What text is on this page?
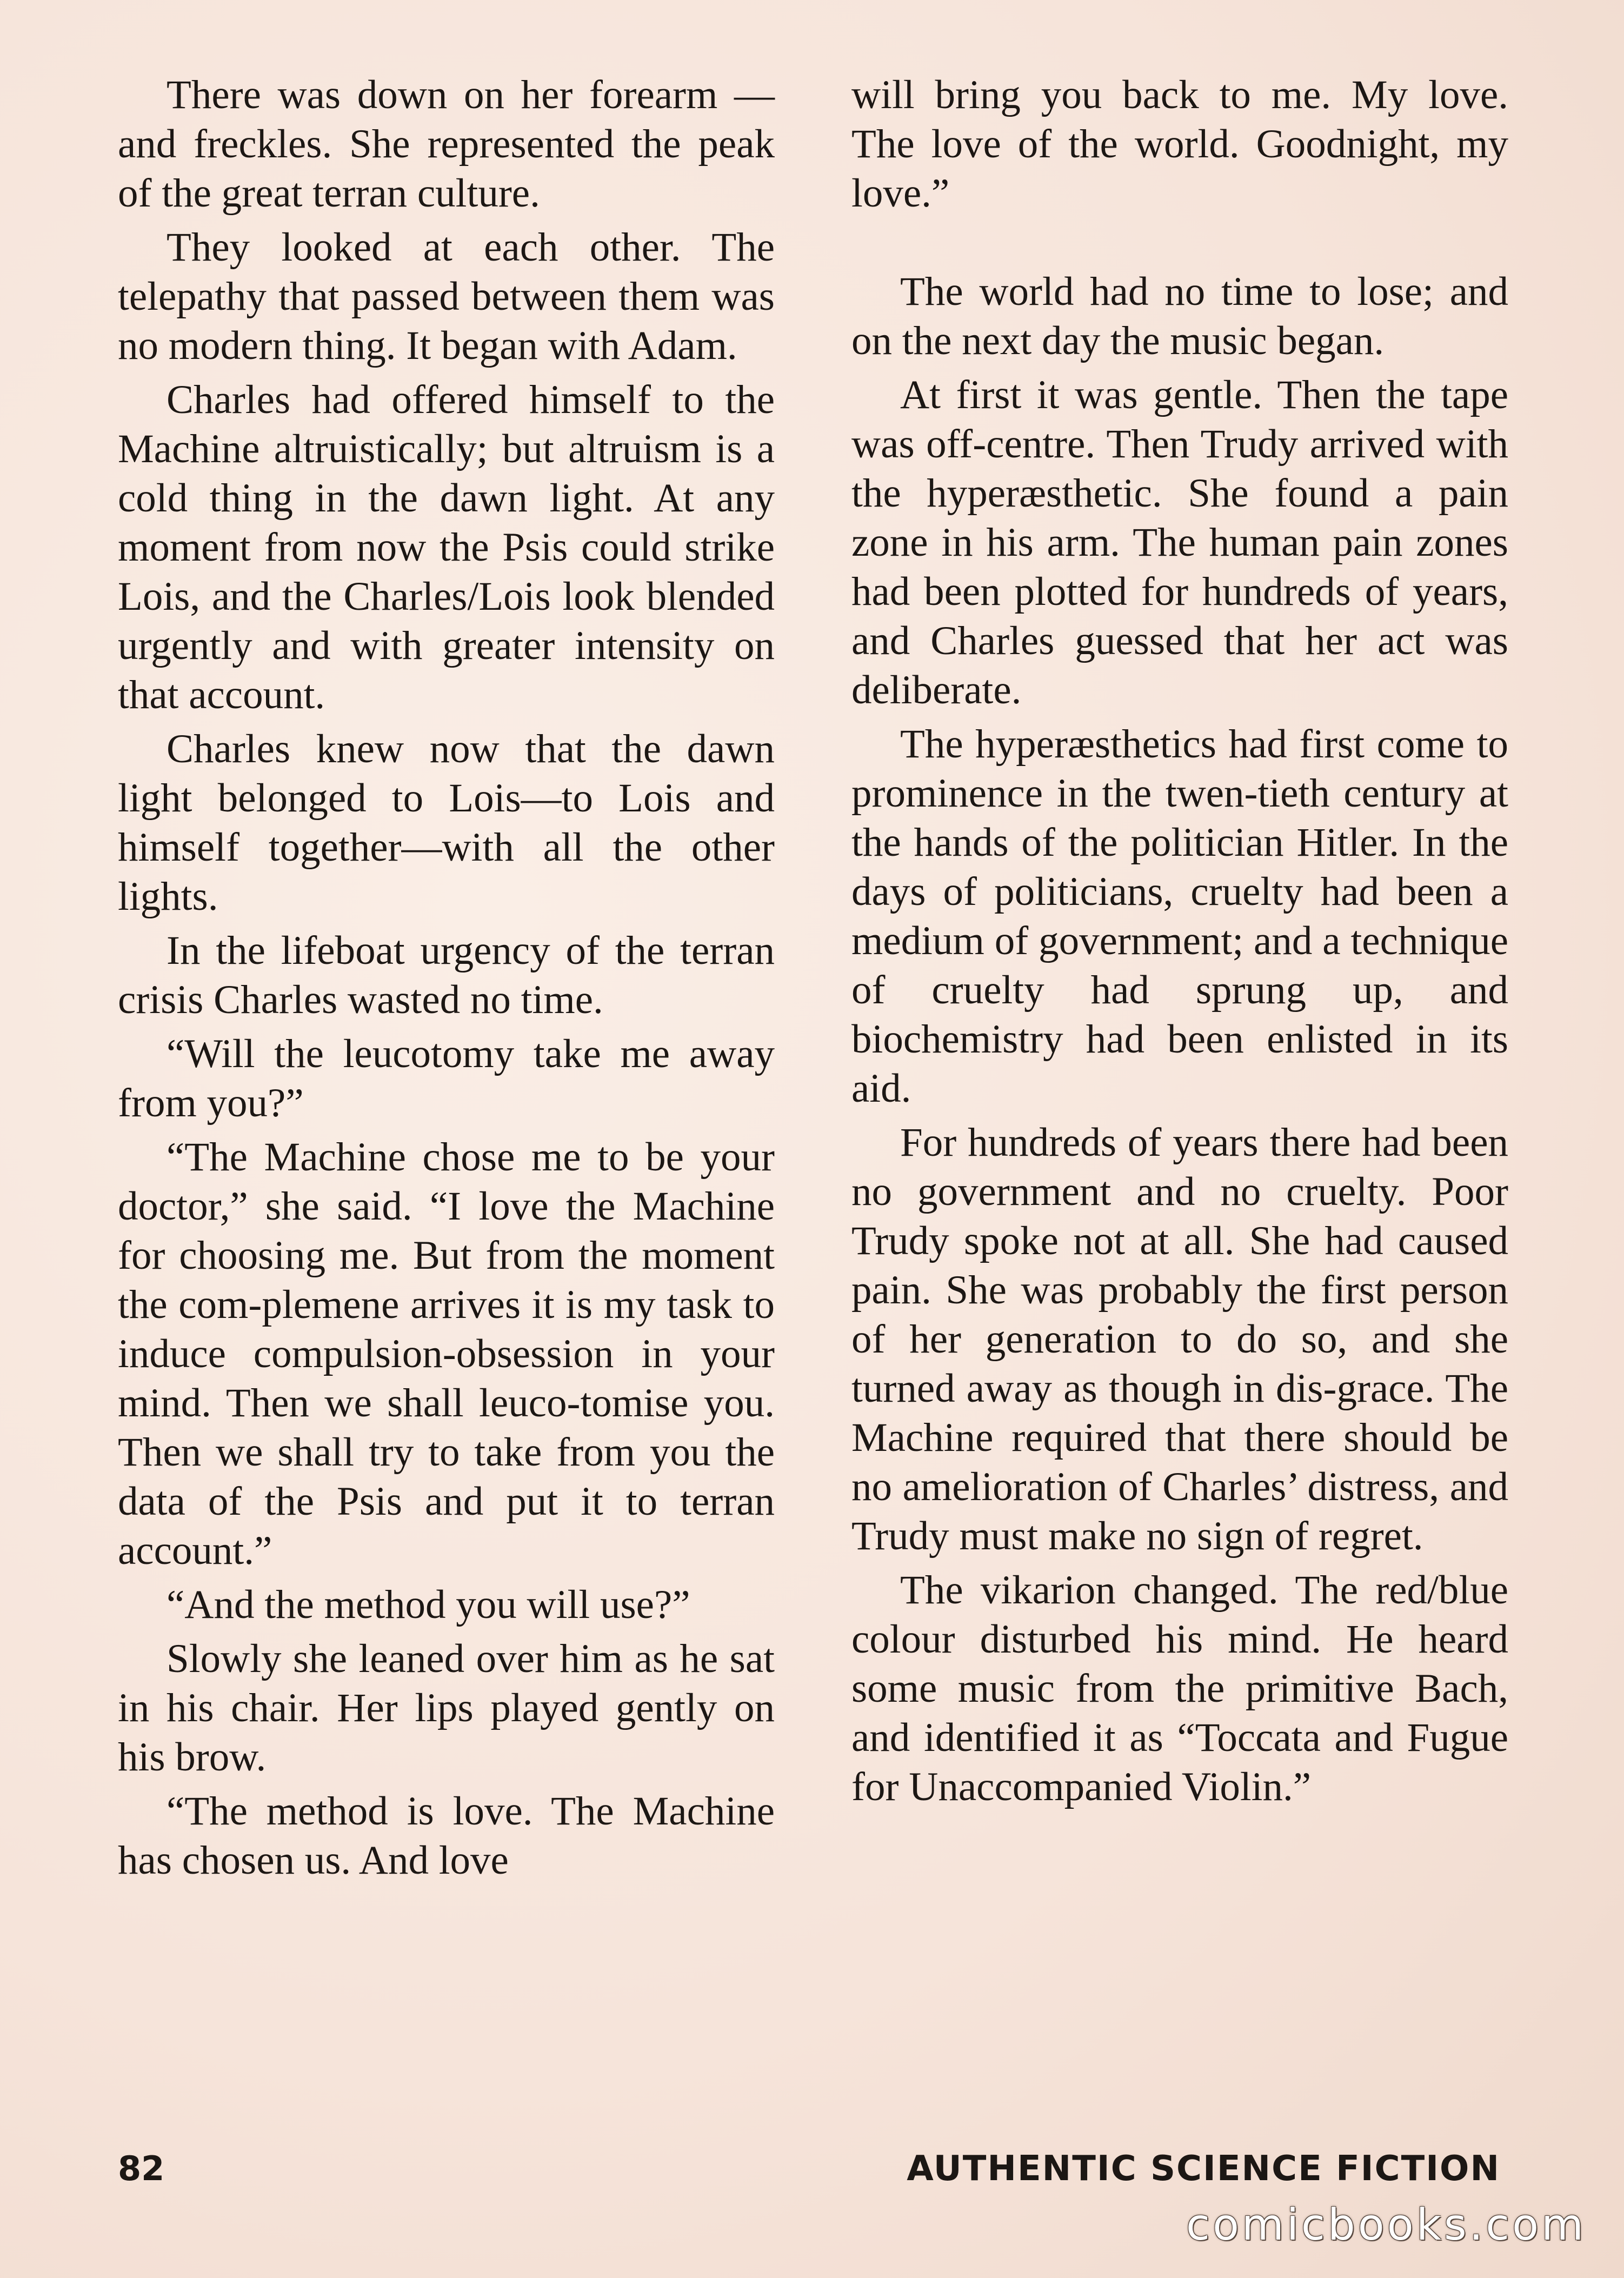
There was down on her forearm —and freckles. She represented the peak of the great terran culture.

They looked at each other. The telepathy that passed between them was no modern thing. It began with Adam.

Charles had offered himself to the Machine altruistically; but altruism is a cold thing in the dawn light. At any moment from now the Psis could strike Lois, and the Charles/Lois look blended urgently and with greater intensity on that account.

Charles knew now that the dawn light belonged to Lois—to Lois and himself together—with all the other lights.

In the lifeboat urgency of the terran crisis Charles wasted no time.

“Will the leucotomy take me away from you?”

“The Machine chose me to be your doctor,” she said. “I love the Machine for choosing me. But from the moment the com-plemene arrives it is my task to induce compulsion-obsession in your mind. Then we shall leuco-tomise you. Then we shall try to take from you the data of the Psis and put it to terran account.”

“And the method you will use?”

Slowly she leaned over him as he sat in his chair. Her lips played gently on his brow.

“The method is love. The Machine has chosen us. And love

will bring you back to me. My love. The love of the world. Goodnight, my love.”

The world had no time to lose; and on the next day the music began.

At first it was gentle. Then the tape was off-centre. Then Trudy arrived with the hyperæsthetic. She found a pain zone in his arm. The human pain zones had been plotted for hundreds of years, and Charles guessed that her act was deliberate.

The hyperæsthetics had first come to prominence in the twen-tieth century at the hands of the politician Hitler. In the days of politicians, cruelty had been a medium of government; and a technique of cruelty had sprung up, and biochemistry had been enlisted in its aid.

For hundreds of years there had been no government and no cruelty. Poor Trudy spoke not at all. She had caused pain. She was probably the first person of her generation to do so, and she turned away as though in dis-grace. The Machine required that there should be no amelioration of Charles’ distress, and Trudy must make no sign of regret.

The vikarion changed. The red/blue colour disturbed his mind. He heard some music from the primitive Bach, and identified it as “Toccata and Fugue for Unaccompanied Violin.”

82	AUTHENTIC SCIENCE FICTION
comicbooks.com
